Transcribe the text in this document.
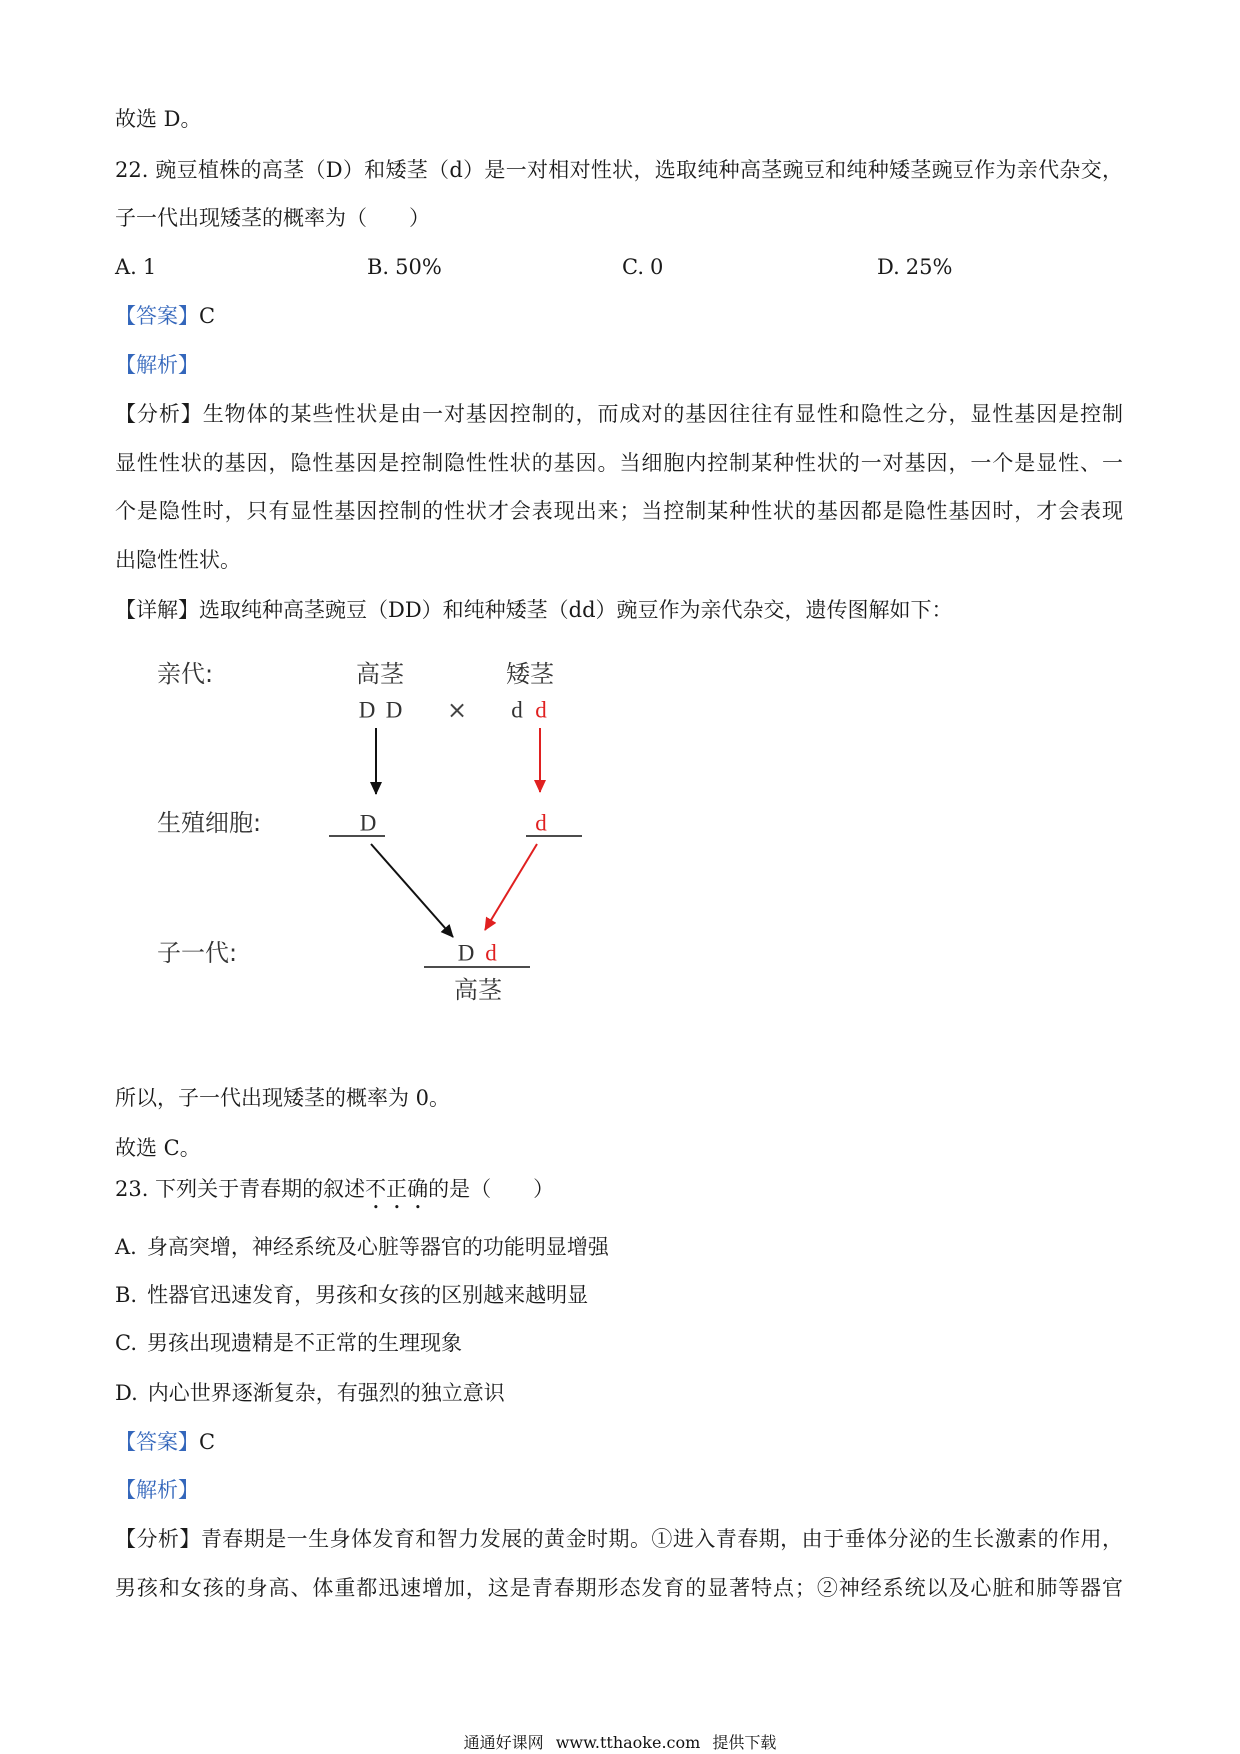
故选 D。
22. 豌豆植株的高茎（D）和矮茎（d）是一对相对性状，选取纯种高茎豌豆和纯种矮茎豌豆作为亲代杂交，
子一代出现矮茎的概率为（　　）
A. 1	B. 50%	C. 0	D. 25%
【答案】C
【解析】
【分析】生物体的某些性状是由一对基因控制的，而成对的基因往往有显性和隐性之分，显性基因是控制
显性性状的基因，隐性基因是控制隐性性状的基因。当细胞内控制某种性状的一对基因，一个是显性、一
个是隐性时，只有显性基因控制的性状才会表现出来；当控制某种性状的基因都是隐性基因时，才会表现
出隐性性状。
【详解】选取纯种高茎豌豆（DD）和纯种矮茎（dd）豌豆作为亲代杂交，遗传图解如下：
亲代:	高茎	矮茎
D D × d d
生殖细胞:	D	d
子一代:	D d
高茎
所以，子一代出现矮茎的概率为 0。
故选 C。
23. 下列关于青春期的叙述不正确的是（　　）
A. 身高突增，神经系统及心脏等器官的功能明显增强
B. 性器官迅速发育，男孩和女孩的区别越来越明显
C. 男孩出现遗精是不正常的生理现象
D. 内心世界逐渐复杂，有强烈的独立意识
【答案】C
【解析】
【分析】青春期是一生身体发育和智力发展的黄金时期。①进入青春期，由于垂体分泌的生长激素的作用，
男孩和女孩的身高、体重都迅速增加，这是青春期形态发育的显著特点；②神经系统以及心脏和肺等器官
通通好课网 www.tthaoke.com 提供下载
